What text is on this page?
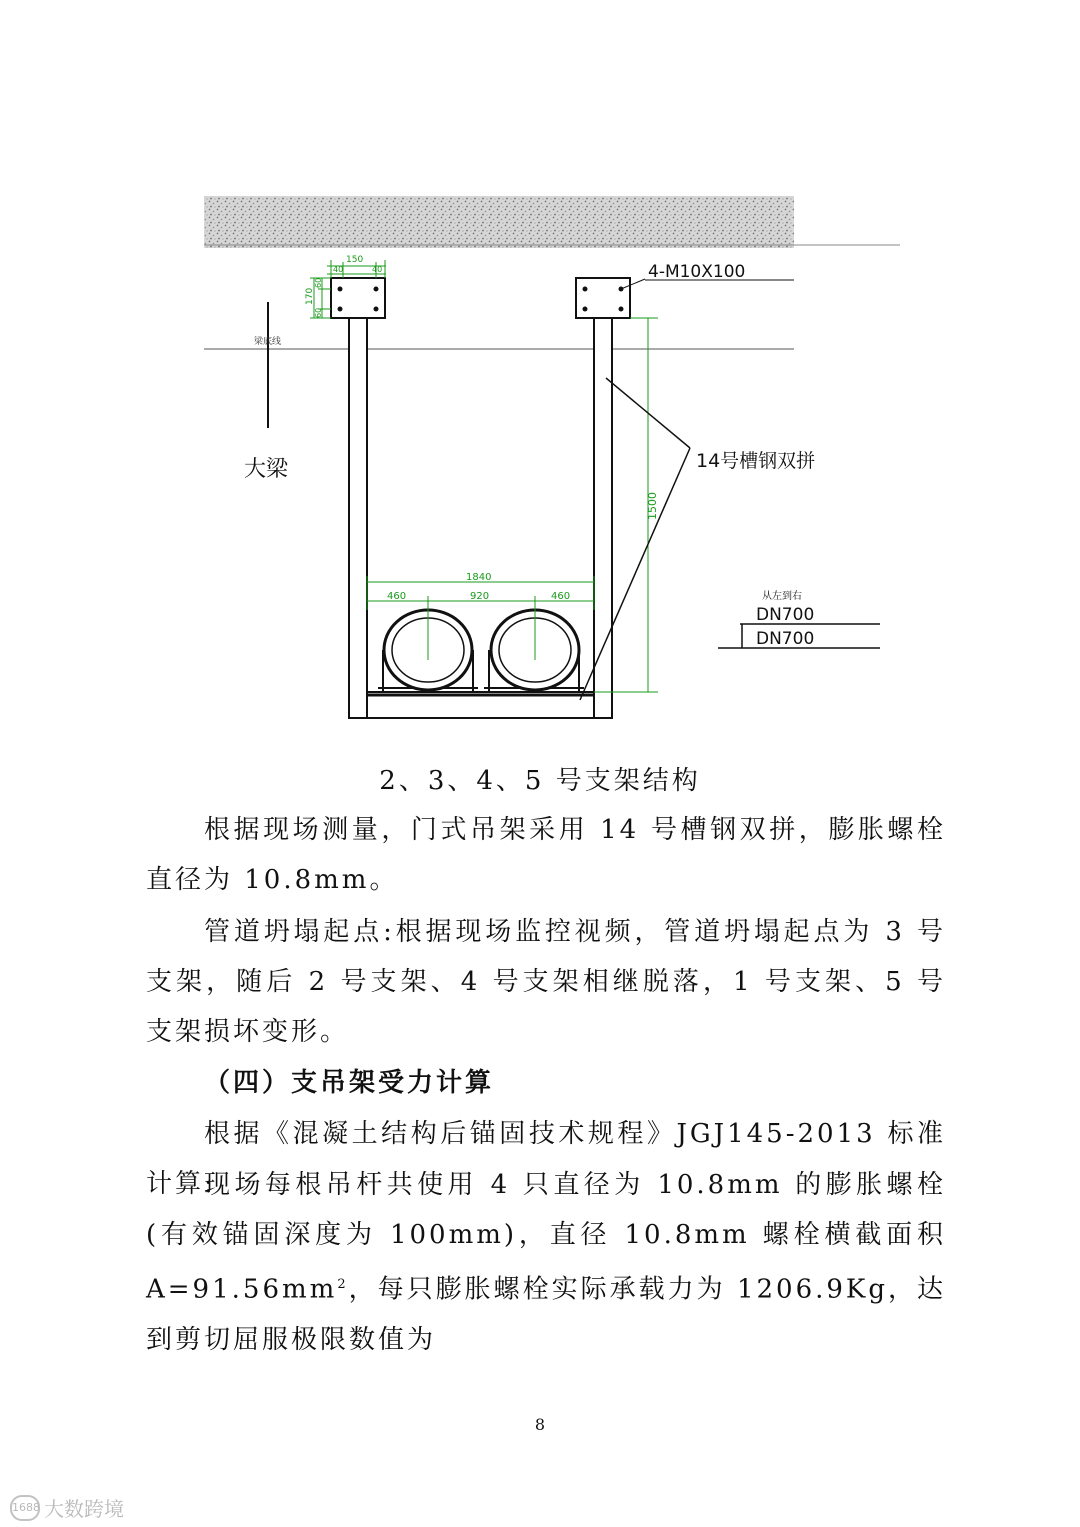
梁底线
大梁
150
40	40
170
60
60
1500
1840
460	920	460
4-M10X100
14号槽钢双拼
从左到右
DN700
DN700

2、3、4、5 号支架结构

根据现场测量，门式吊架采用 14 号槽钢双拼，膨胀螺栓直径为 10.8mm。

管道坍塌起点:根据现场监控视频，管道坍塌起点为 3 号支架，随后 2 号支架、4 号支架相继脱落，1 号支架、5 号支架损坏变形。

（四）支吊架受力计算

根据《混凝土结构后锚固技术规程》JGJ145-2013 标准计算:

现场每根吊杆共使用 4 只直径为 10.8mm 的膨胀螺栓(有效锚固深度为 100mm)，直径 10.8mm 螺栓横截面积 $A=91.56mm^2$，每只膨胀螺栓实际承载力为 1206.9Kg，达到剪切屈服极限数值为

8
1688 大数跨境
